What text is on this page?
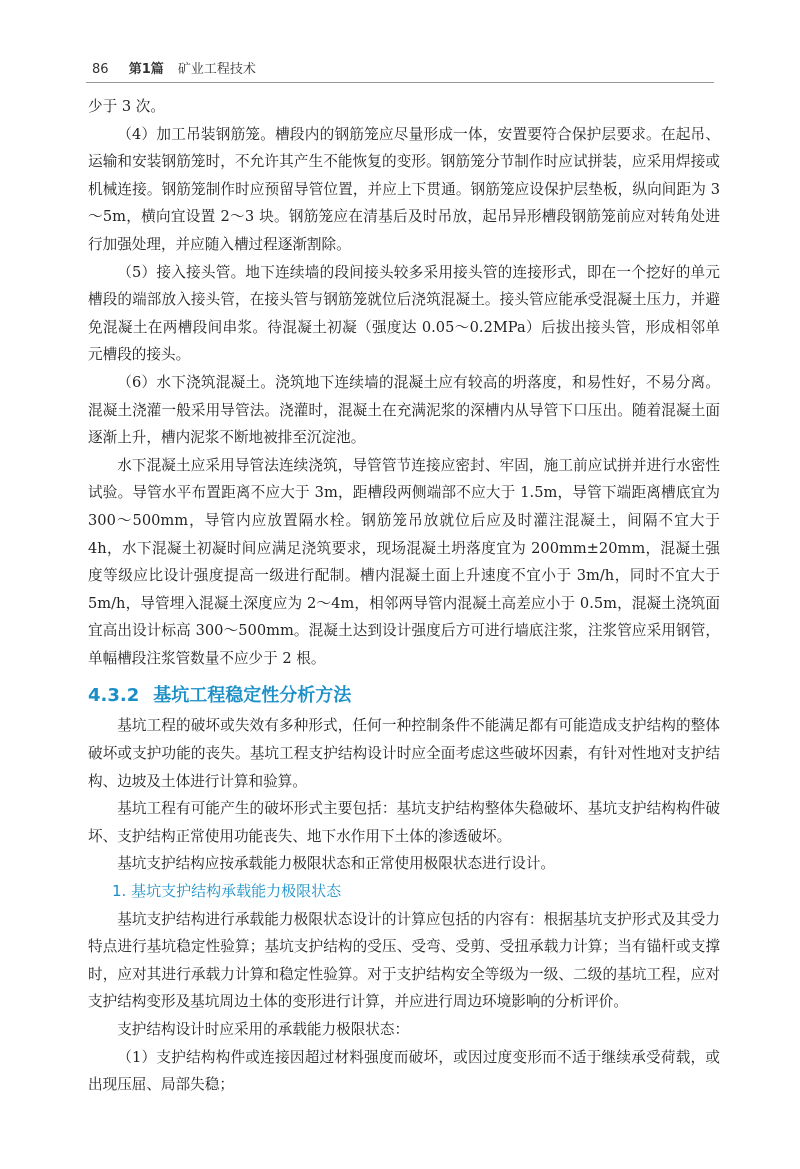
86 第1篇 矿业工程技术

少于 3 次。

（4）加工吊装钢筋笼。槽段内的钢筋笼应尽量形成一体，安置要符合保护层要求。在起吊、运输和安装钢筋笼时，不允许其产生不能恢复的变形。钢筋笼分节制作时应试拼装，应采用焊接或机械连接。钢筋笼制作时应预留导管位置，并应上下贯通。钢筋笼应设保护层垫板，纵向间距为 3～5m，横向宜设置 2～3 块。钢筋笼应在清基后及时吊放，起吊异形槽段钢筋笼前应对转角处进行加强处理，并应随入槽过程逐渐割除。

（5）接入接头管。地下连续墙的段间接头较多采用接头管的连接形式，即在一个挖好的单元槽段的端部放入接头管，在接头管与钢筋笼就位后浇筑混凝土。接头管应能承受混凝土压力，并避免混凝土在两槽段间串浆。待混凝土初凝（强度达 0.05～0.2MPa）后拔出接头管，形成相邻单元槽段的接头。

（6）水下浇筑混凝土。浇筑地下连续墙的混凝土应有较高的坍落度，和易性好，不易分离。混凝土浇灌一般采用导管法。浇灌时，混凝土在充满泥浆的深槽内从导管下口压出。随着混凝土面逐渐上升，槽内泥浆不断地被排至沉淀池。

水下混凝土应采用导管法连续浇筑，导管管节连接应密封、牢固，施工前应试拼并进行水密性试验。导管水平布置距离不应大于 3m，距槽段两侧端部不应大于 1.5m，导管下端距离槽底宜为 300～500mm，导管内应放置隔水栓。钢筋笼吊放就位后应及时灌注混凝土，间隔不宜大于 4h，水下混凝土初凝时间应满足浇筑要求，现场混凝土坍落度宜为 200mm±20mm，混凝土强度等级应比设计强度提高一级进行配制。槽内混凝土面上升速度不宜小于 3m/h，同时不宜大于 5m/h，导管埋入混凝土深度应为 2～4m，相邻两导管内混凝土高差应小于 0.5m，混凝土浇筑面宜高出设计标高 300～500mm。混凝土达到设计强度后方可进行墙底注浆，注浆管应采用钢管，单幅槽段注浆管数量不应少于 2 根。

4.3.2 基坑工程稳定性分析方法

基坑工程的破坏或失效有多种形式，任何一种控制条件不能满足都有可能造成支护结构的整体破坏或支护功能的丧失。基坑工程支护结构设计时应全面考虑这些破坏因素，有针对性地对支护结构、边坡及土体进行计算和验算。

基坑工程有可能产生的破坏形式主要包括：基坑支护结构整体失稳破坏、基坑支护结构构件破坏、支护结构正常使用功能丧失、地下水作用下土体的渗透破坏。

基坑支护结构应按承载能力极限状态和正常使用极限状态进行设计。

1. 基坑支护结构承载能力极限状态

基坑支护结构进行承载能力极限状态设计的计算应包括的内容有：根据基坑支护形式及其受力特点进行基坑稳定性验算；基坑支护结构的受压、受弯、受剪、受扭承载力计算；当有锚杆或支撑时，应对其进行承载力计算和稳定性验算。对于支护结构安全等级为一级、二级的基坑工程，应对支护结构变形及基坑周边土体的变形进行计算，并应进行周边环境影响的分析评价。

支护结构设计时应采用的承载能力极限状态：

（1）支护结构构件或连接因超过材料强度而破坏，或因过度变形而不适于继续承受荷载，或出现压屈、局部失稳；
